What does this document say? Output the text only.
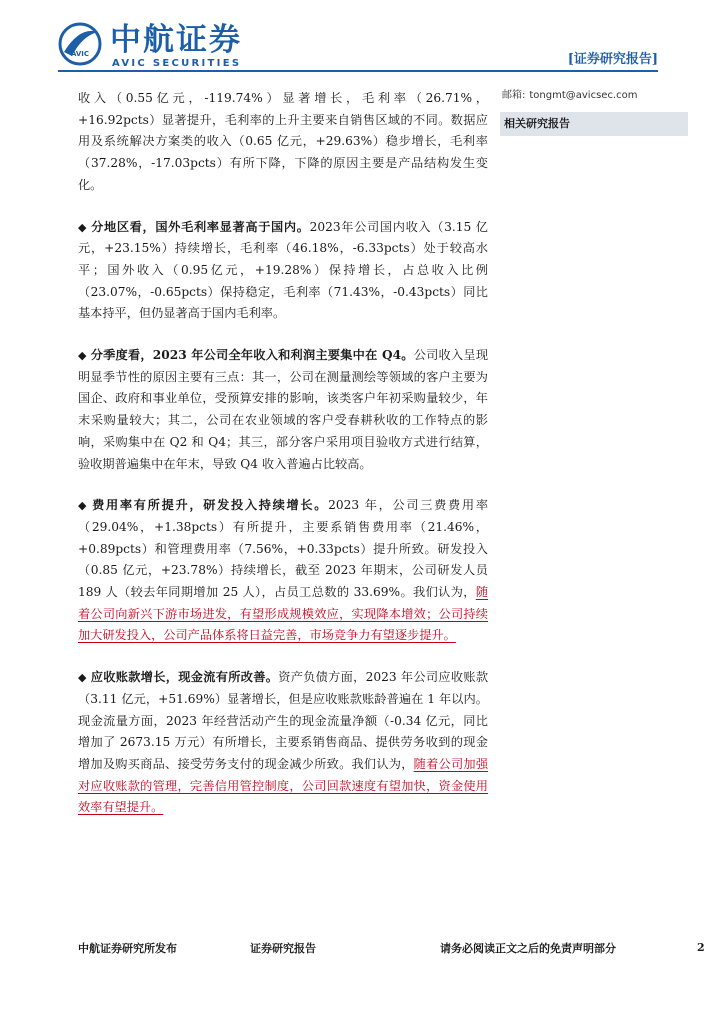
AVIC 中航证券
AVIC SECURITIES	[证券研究报告]

收入（0.55亿元，-119.74%）显著增长，毛利率（26.71%，+16.92pcts）显著提升，毛利率的上升主要来自销售区域的不同。数据应用及系统解决方案类的收入（0.65 亿元，+29.63%）稳步增长，毛利率（37.28%，-17.03pcts）有所下降，下降的原因主要是产品结构发生变化。

◆ 分地区看，国外毛利率显著高于国内。2023年公司国内收入（3.15 亿元，+23.15%）持续增长，毛利率（46.18%，-6.33pcts）处于较高水平；国外收入（0.95亿元，+19.28%）保持增长，占总收入比例（23.07%，-0.65pcts）保持稳定，毛利率（71.43%，-0.43pcts）同比基本持平，但仍显著高于国内毛利率。

◆ 分季度看，2023 年公司全年收入和利润主要集中在 Q4。公司收入呈现明显季节性的原因主要有三点：其一，公司在测量测绘等领域的客户主要为国企、政府和事业单位，受预算安排的影响，该类客户年初采购量较少，年末采购量较大；其二，公司在农业领域的客户受春耕秋收的工作特点的影响，采购集中在 Q2 和 Q4；其三，部分客户采用项目验收方式进行结算，验收期普遍集中在年末，导致 Q4 收入普遍占比较高。

◆ 费用率有所提升，研发投入持续增长。2023 年，公司三费费用率（29.04%，+1.38pcts）有所提升，主要系销售费用率（21.46%，+0.89pcts）和管理费用率（7.56%，+0.33pcts）提升所致。研发投入（0.85 亿元，+23.78%）持续增长，截至 2023 年期末，公司研发人员 189 人（较去年同期增加 25 人），占员工总数的 33.69%。我们认为，随着公司向新兴下游市场进发，有望形成规模效应，实现降本增效；公司持续加大研发投入，公司产品体系将日益完善，市场竞争力有望逐步提升。

◆ 应收账款增长，现金流有所改善。资产负债方面，2023 年公司应收账款（3.11 亿元，+51.69%）显著增长，但是应收账款账龄普遍在 1 年以内。现金流量方面，2023 年经营活动产生的现金流量净额（-0.34 亿元，同比增加了 2673.15 万元）有所增长，主要系销售商品、提供劳务收到的现金增加及购买商品、接受劳务支付的现金减少所致。我们认为，随着公司加强对应收账款的管理，完善信用管控制度，公司回款速度有望加快，资金使用效率有望提升。

邮箱: tongmt@avicsec.com
相关研究报告
中航证券研究所发布	证券研究报告	请务必阅读正文之后的免责声明部分	2
